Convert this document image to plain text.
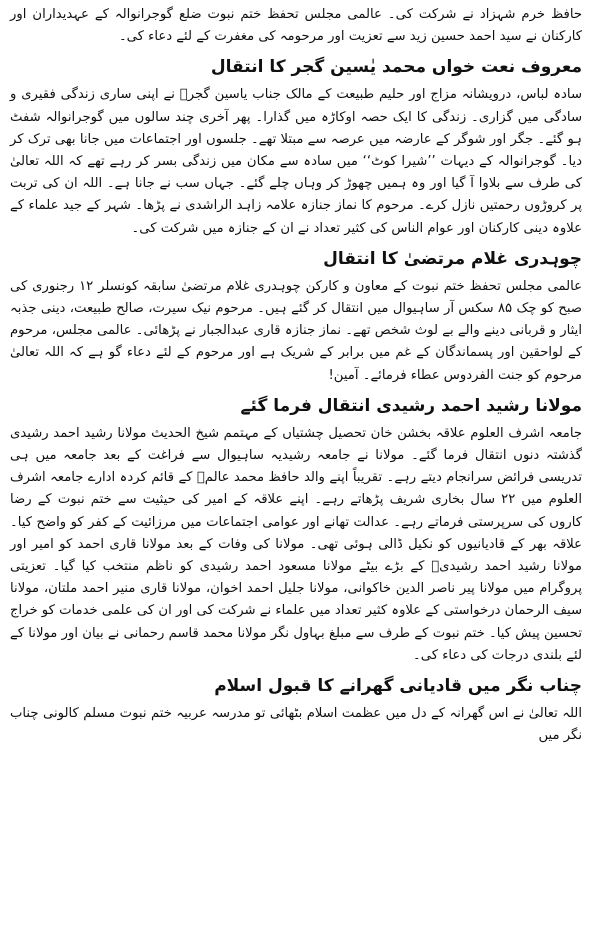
حافظ خرم شہزاد نے شرکت کی۔ عالمی مجلس تحفظ ختم نبوت ضلع گوجرانوالہ کے عہدیداران اور کارکنان نے سید احمد حسین زید سے تعزیت اور مرحومہ کی مغفرت کے لئے دعاء کی۔

معروف نعت خواں محمد یٰسین گجر کا انتقال

سادہ لباس، درویشانہ مزاج اور حلیم طبیعت کے مالک جناب یاسین گجرؒ نے اپنی ساری زندگی فقیری و سادگی میں گزاری۔ زندگی کا ایک حصہ اوکاڑہ میں گذارا۔ پھر آخری چند سالوں میں گوجرانوالہ شفٹ ہو گئے۔ جگر اور شوگر کے عارضہ میں عرصہ سے مبتلا تھے۔ جلسوں اور اجتماعات میں جانا بھی ترک کر دیا۔ گوجرانوالہ کے دیہات ’’شیرا کوٹ‘‘ میں سادہ سے مکان میں زندگی بسر کر رہے تھے کہ اللہ تعالیٰ کی طرف سے بلاوا آ گیا اور وہ ہمیں چھوڑ کر وہاں چلے گئے۔ جہاں سب نے جانا ہے۔ اللہ ان کی تربت پر کروڑوں رحمتیں نازل کرے۔ مرحوم کا نماز جنازہ علامہ زاہد الراشدی نے پڑھا۔ شہر کے جید علماء کے علاوہ دینی کارکنان اور عوام الناس کی کثیر تعداد نے ان کے جنازہ میں شرکت کی۔

چوہدری غلام مرتضیٰ کا انتقال

عالمی مجلس تحفظ ختم نبوت کے معاون و کارکن چوہدری غلام مرتضیٰ سابقہ کونسلر ۱۲ رجنوری کی صبح کو چک ۸۵ سکس آر ساہیوال میں انتقال کر گئے ہیں۔ مرحوم نیک سیرت، صالح طبیعت، دینی جذبہ ایثار و قربانی دینے والے بے لوث شخص تھے۔ نماز جنازہ قاری عبدالجبار نے پڑھائی۔ عالمی مجلس، مرحوم کے لواحقین اور پسماندگان کے غم میں برابر کے شریک ہے اور مرحوم کے لئے دعاء گو ہے کہ اللہ تعالیٰ مرحوم کو جنت الفردوس عطاء فرمائے۔ آمین!

مولانا رشید احمد رشیدی انتقال فرما گئے

جامعہ اشرف العلوم علاقہ بخشن خان تحصیل چشتیاں کے مہتمم شیخ الحدیث مولانا رشید احمد رشیدی گذشتہ دنوں انتقال فرما گئے۔ مولانا نے جامعہ رشیدیہ ساہیوال سے فراغت کے بعد جامعہ میں ہی تدریسی فرائض سرانجام دیتے رہے۔ تقریباً اپنے والد حافظ محمد عالمؒ کے قائم کردہ ادارے جامعہ اشرف العلوم میں ۲۲ سال بخاری شریف پڑھاتے رہے۔ اپنے علاقہ کے امیر کی حیثیت سے ختم نبوت کے رضا کاروں کی سرپرستی فرماتے رہے۔ عدالت تھانے اور عوامی اجتماعات میں مرزائیت کے کفر کو واضح کیا۔ علاقہ بھر کے قادیانیوں کو نکیل ڈالی ہوئی تھی۔ مولانا کی وفات کے بعد مولانا قاری احمد کو امیر اور مولانا رشید احمد رشیدیؒ کے بڑے بیٹے مولانا مسعود احمد رشیدی کو ناظم منتخب کیا گیا۔ تعزیتی پروگرام میں مولانا پیر ناصر الدین خاکوانی، مولانا جلیل احمد اخوان، مولانا قاری منیر احمد ملتان، مولانا سیف الرحمان درخواستی کے علاوہ کثیر تعداد میں علماء نے شرکت کی اور ان کی علمی خدمات کو خراج تحسین پیش کیا۔ ختم نبوت کے طرف سے مبلغ بہاول نگر مولانا محمد قاسم رحمانی نے بیان اور مولانا کے لئے بلندی درجات کی دعاء کی۔

چناب نگر میں قادیانی گھرانے کا قبول اسلام

اللہ تعالیٰ نے اس گھرانہ کے دل میں عظمت اسلام بٹھائی تو مدرسہ عربیہ ختم نبوت مسلم کالونی چناب نگر میں
